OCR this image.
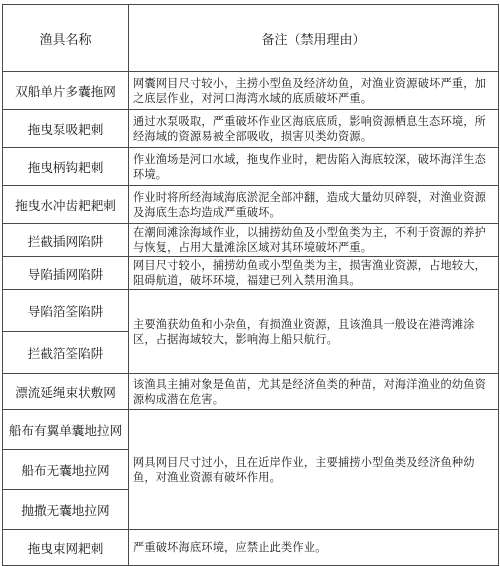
渔具名称	备注（禁用理由）
双船单片多囊拖网	网囊网目尺寸较小，主捞小型鱼及经济幼鱼，对渔业资源破坏严重，加之底层作业，对河口海湾水域的底质破坏严重。
拖曳泵吸耙刺	通过水泵吸取，严重破坏作业区海底底质，影响资源栖息生态环境，所经海域的资源易被全部吸收，损害贝类幼资源。
拖曳柄钩耙刺	作业渔场是河口水域，拖曳作业时，耙齿陷入海底较深，破坏海洋生态环境。
拖曳水冲齿耙耙刺	作业时将所经海域海底淤泥全部冲翻，造成大量幼贝碎裂，对渔业资源及海底生态均造成严重破坏。
拦截插网陷阱	在潮间滩涂海域作业，以捕捞幼鱼及小型鱼类为主，不利于资源的养护与恢复，占用大量滩涂区域对其环境破坏严重。
导陷插网陷阱	网目尺寸较小，捕捞幼鱼或小型鱼类为主，损害渔业资源，占地较大，阻碍航道，破坏环境，福建已列入禁用渔具。
导陷箔筌陷阱	主要渔获幼鱼和小杂鱼，有损渔业资源，且该渔具一般设在港湾滩涂区，占据海域较大，影响海上船只航行。
拦截箔筌陷阱	
漂流延绳束状敷网	该渔具主捕对象是鱼苗，尤其是经济鱼类的种苗，对海洋渔业的幼鱼资源构成潜在危害。
船布有翼单囊地拉网	网具网目尺寸过小，且在近岸作业，主要捕捞小型鱼类及经济鱼种幼鱼，对渔业资源有破坏作用。
船布无囊地拉网	
抛撒无囊地拉网	
拖曳束网耙刺	严重破坏海底环境，应禁止此类作业。
